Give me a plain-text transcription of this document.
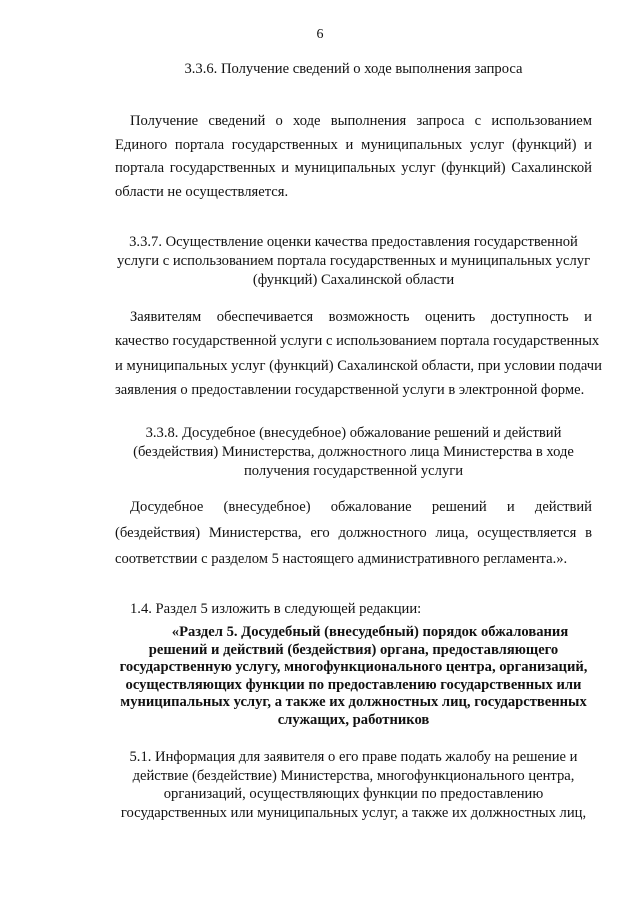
6
3.3.6. Получение сведений о ходе выполнения запроса
Получение сведений о ходе выполнения запроса с использованием
Единого портала государственных и муниципальных услуг (функций) и
портала государственных и муниципальных услуг (функций) Сахалинской
области не осуществляется.
3.3.7. Осуществление оценки качества предоставления государственной
услуги с использованием портала государственных и муниципальных услуг
(функций) Сахалинской области
Заявителям обеспечивается возможность оценить доступность и
качество государственной услуги с использованием портала государственных
и муниципальных услуг (функций) Сахалинской области, при условии подачи
заявления о предоставлении государственной услуги в электронной форме.
3.3.8. Досудебное (внесудебное) обжалование решений и действий
(бездействия) Министерства, должностного лица Министерства в ходе
получения государственной услуги
Досудебное (внесудебное) обжалование решений и действий
(бездействия) Министерства, его должностного лица, осуществляется в
соответствии с разделом 5 настоящего административного регламента.».
1.4. Раздел 5 изложить в следующей редакции:
«Раздел 5. Досудебный (внесудебный) порядок обжалования
решений и действий (бездействия) органа, предоставляющего
государственную услугу, многофункционального центра, организаций,
осуществляющих функции по предоставлению государственных или
муниципальных услуг, а также их должностных лиц, государственных
служащих, работников
5.1. Информация для заявителя о его праве подать жалобу на решение и
действие (бездействие) Министерства, многофункционального центра,
организаций, осуществляющих функции по предоставлению
государственных или муниципальных услуг, а также их должностных лиц,
